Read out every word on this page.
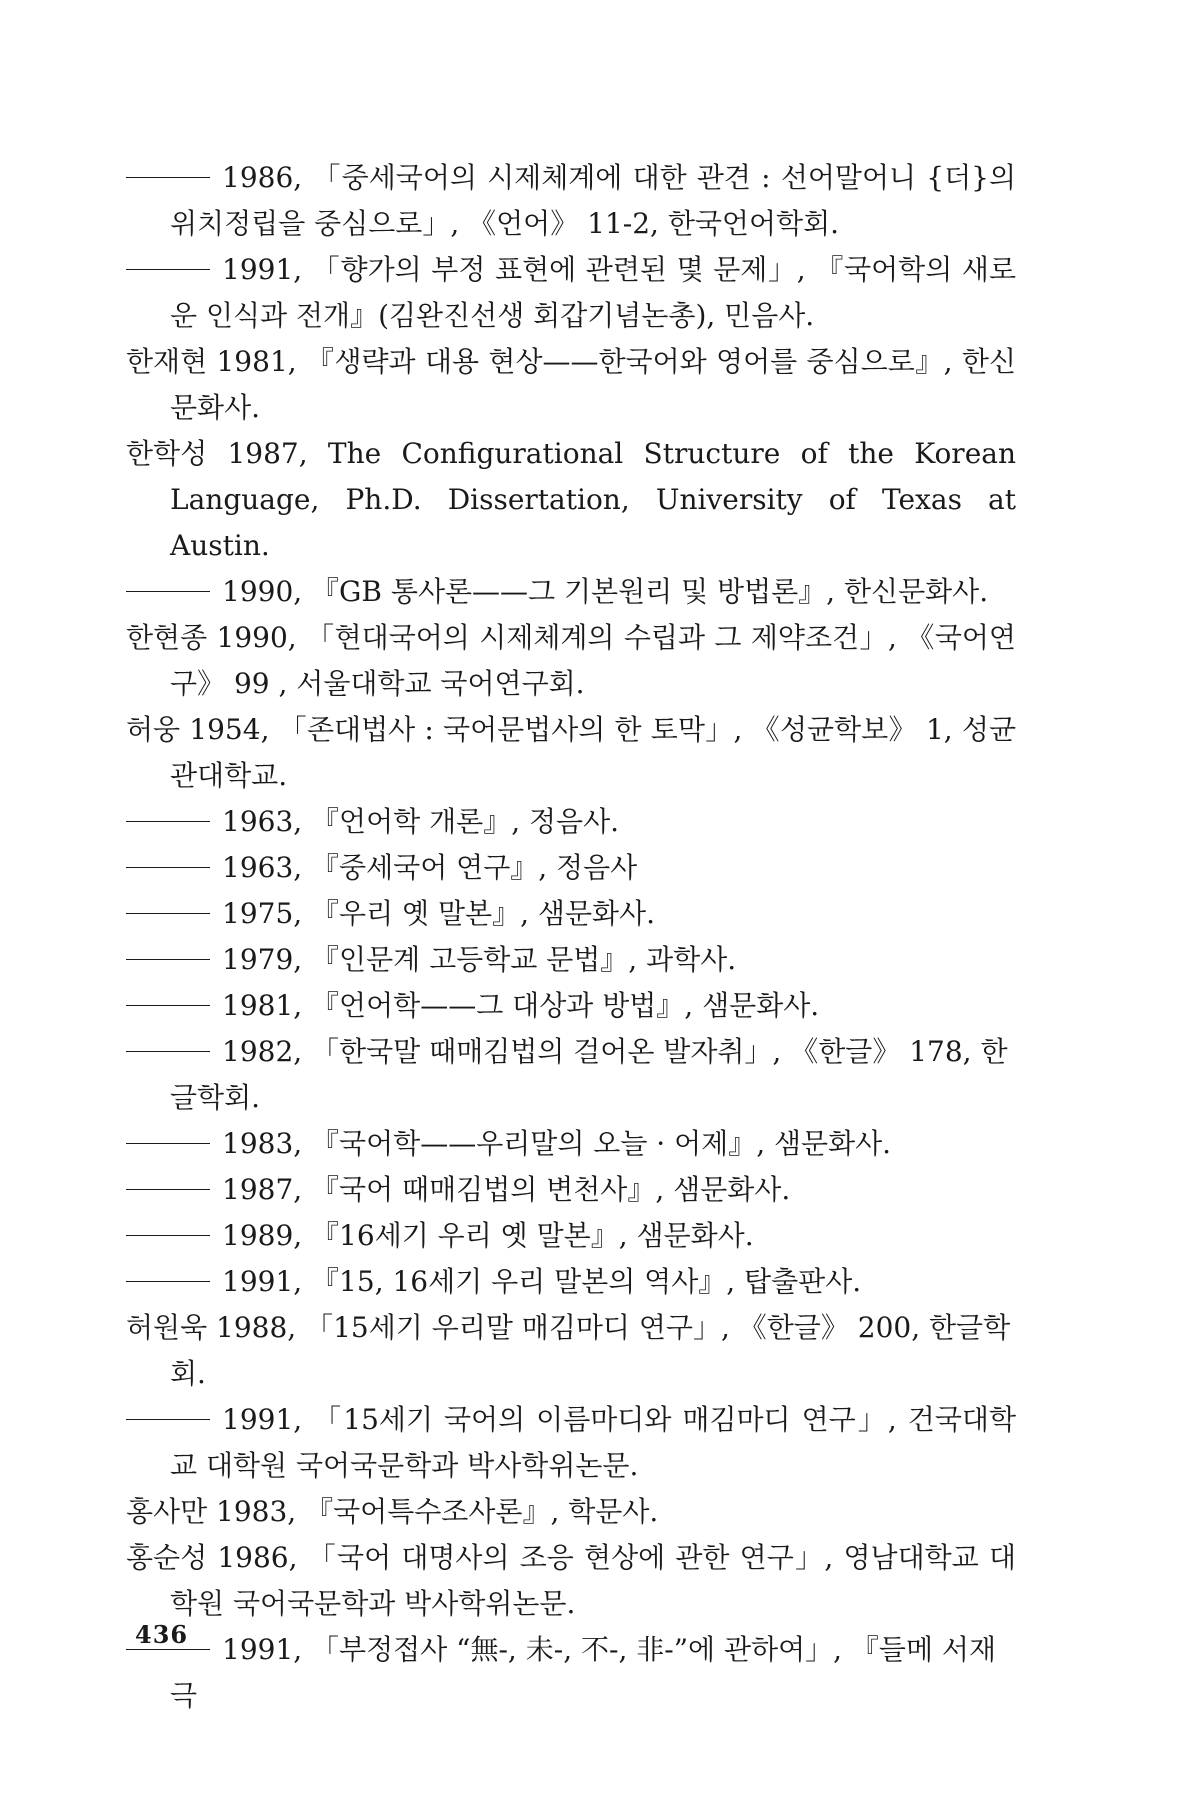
1986, 「중세국어의 시제체계에 대한 관견 : 선어말어니 {더}의 위치정립을 중심으로」, 《언어》 11-2, 한국언어학회.

1991, 「향가의 부정 표현에 관련된 몇 문제」, 『국어학의 새로운 인식과 전개』(김완진선생 회갑기념논총), 민음사.

한재현 1981, 『생략과 대용 현상——한국어와 영어를 중심으로』, 한신문화사.

한학성 1987, The Configurational Structure of the Korean Language, Ph.D. Dissertation, University of Texas at Austin.

1990, 『GB 통사론——그 기본원리 및 방법론』, 한신문화사.

한현종 1990, 「현대국어의 시제체계의 수립과 그 제약조건」, 《국어연구》 99 , 서울대학교 국어연구회.

허웅 1954, 「존대법사 : 국어문법사의 한 토막」, 《성균학보》 1, 성균관대학교.

1963, 『언어학 개론』, 정음사.

1963, 『중세국어 연구』, 정음사

1975, 『우리 옛 말본』, 샘문화사.

1979, 『인문계 고등학교 문법』, 과학사.

1981, 『언어학——그 대상과 방법』, 샘문화사.

1982, 「한국말 때매김법의 걸어온 발자취」, 《한글》 178, 한글학회.

1983, 『국어학——우리말의 오늘 · 어제』, 샘문화사.

1987, 『국어 때매김법의 변천사』, 샘문화사.

1989, 『16세기 우리 옛 말본』, 샘문화사.

1991, 『15, 16세기 우리 말본의 역사』, 탑출판사.

허원욱 1988, 「15세기 우리말 매김마디 연구」, 《한글》 200, 한글학회.

1991, 「15세기 국어의 이름마디와 매김마디 연구」, 건국대학교 대학원 국어국문학과 박사학위논문.

홍사만 1983, 『국어특수조사론』, 학문사.

홍순성 1986, 「국어 대명사의 조응 현상에 관한 연구」, 영남대학교 대학원 국어국문학과 박사학위논문.

1991, 「부정접사 “無-, 未-, 不-, 非-”에 관하여」, 『들메 서재극

436
